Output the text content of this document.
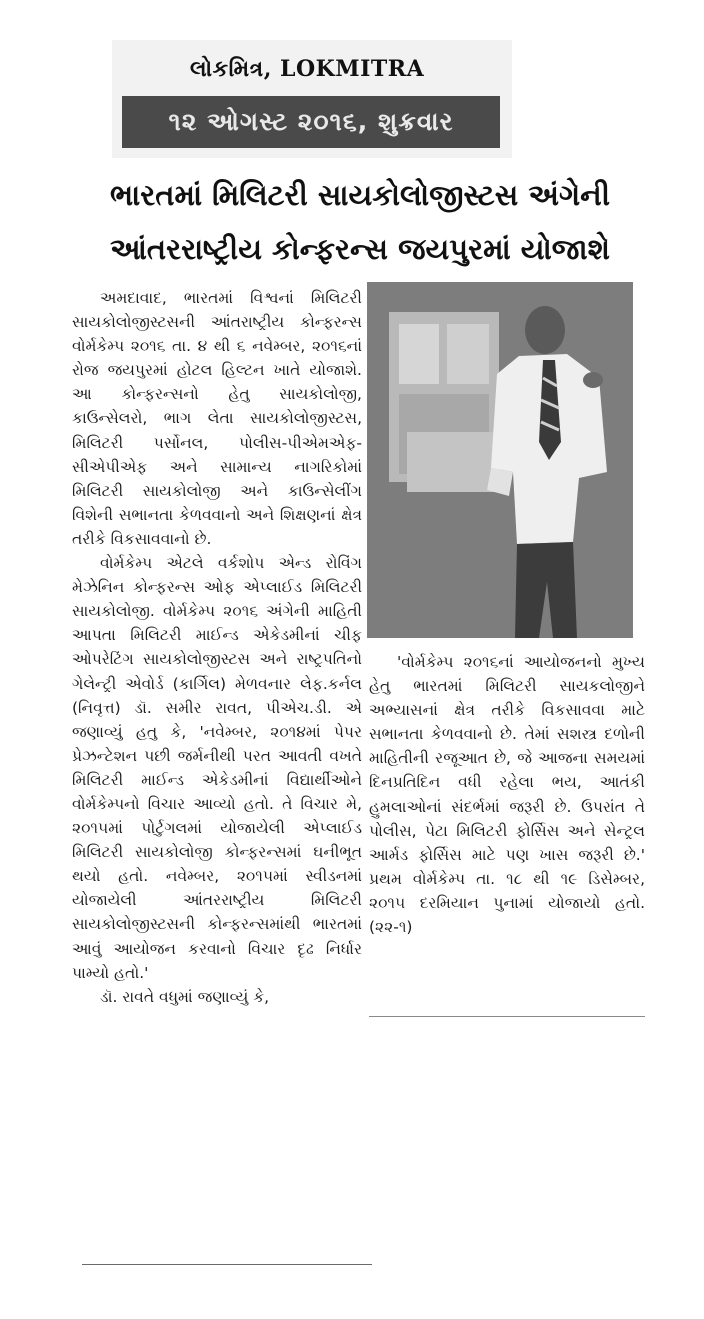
લોકમિત્ર, LOKMITRA
૧૨ ઓગસ્ટ ૨૦૧૬, શુક્રવાર
ભારતમાં મિલિટરી સાયકોલોજીસ્ટસ અંગેની
આંતરરાષ્ટ્રીય કોન્ફરન્સ જયપુરમાં યોજાશે

અમદાવાદ, ભારતમાં વિશ્વનાં મિલિટરી સાયકોલોજીસ્ટસની આંતરાષ્ટ્રીય કોન્ફરન્સ વોર્મકેમ્પ ૨૦૧૬ તા. ૪ થી ૬ નવેમ્બર, ૨૦૧૬નાં રોજ જયપુરમાં હોટલ હિલ્ટન ખાતે યોજાશે. આ કોન્ફરન્સનો હેતુ સાયકોલોજી, કાઉન્સેલરો, ભાગ લેતા સાયકોલોજીસ્ટસ, મિલિટરી પર્સોનલ, પોલીસ-પીએમએફ-સીએપીએફ અને સામાન્ય નાગરિકોમાં મિલિટરી સાયકોલોજી અને કાઉન્સેલીંગ વિશેની સભાનતા કેળવવાનો અને શિક્ષણનાં ક્ષેત્ર તરીકે વિકસાવવાનો છે.

વોર્મકેમ્પ એટલે વર્કશોપ એન્ડ રોવિંગ મેઝેનિન કોન્ફરન્સ ઓફ એપ્લાઈડ મિલિટરી સાયકોલોજી. વોર્મકેમ્પ ૨૦૧૬ અંગેની માહિતી આપતા મિલિટરી માઈન્ડ એકેડમીનાં ચીફ ઓપરેટિંગ સાયકોલોજીસ્ટસ અને રાષ્ટ્રપતિનો ગેલેન્ટ્રી એવોર્ડ (કાર્ગિલ) મેળવનાર લેફ.કર્નલ (નિવૃત્ત) ડૉ. સમીર રાવત, પીએચ.ડી. એ જણાવ્યું હતુ કે, 'નવેમ્બર, ૨૦૧૪માં પેપર પ્રેઝન્ટેશન પછી જર્મનીથી પરત આવતી વખતે મિલિટરી માઈન્ડ એકેડમીનાં વિદ્યાર્થીઓને વોર્મકેમ્પનો વિચાર આવ્યો હતો. તે વિચાર મે, ૨૦૧૫માં પોર્ટુગલમાં યોજાયેલી એપ્લાઈડ મિલિટરી સાયકોલોજી કોન્ફરન્સમાં ઘનીભૂત થયો હતો. નવેમ્બર, ૨૦૧૫માં સ્વીડનમાં યોજાયેલી આંતરરાષ્ટ્રીય મિલિટરી સાયકોલોજીસ્ટસની કોન્ફરન્સમાંથી ભારતમાં આવું આયોજન કરવાનો વિચાર દૃઢ નિર્ધાર પામ્યો હતો.'

ડૉ. રાવતે વધુમાં જણાવ્યું કે,

'વોર્મકેમ્પ ૨૦૧૬નાં આયોજનનો મુખ્ય હેતુ ભારતમાં મિલિટરી સાયકલોજીને અભ્યાસનાં ક્ષેત્ર તરીકે વિકસાવવા માટે સભાનતા કેળવવાનો છે. તેમાં સશસ્ત્ર દળોની માહિતીની રજૂઆત છે, જે આજના સમયમાં દિનપ્રતિદિન વધી રહેલા ભય, આતંકી હુમલાઓનાં સંદર્ભમાં જરૂરી છે. ઉપરાંત તે પોલીસ, પેટા મિલિટરી ફોર્સિસ અને સેન્ટ્રલ આર્મડ ફોર્સિસ માટે પણ ખાસ જરૂરી છે.' પ્રથમ વોર્મકેમ્પ તા. ૧૮ થી ૧૯ ડિસેમ્બર, ૨૦૧૫ દરમિયાન પુનામાં યોજાયો હતો. (૨૨-૧)
